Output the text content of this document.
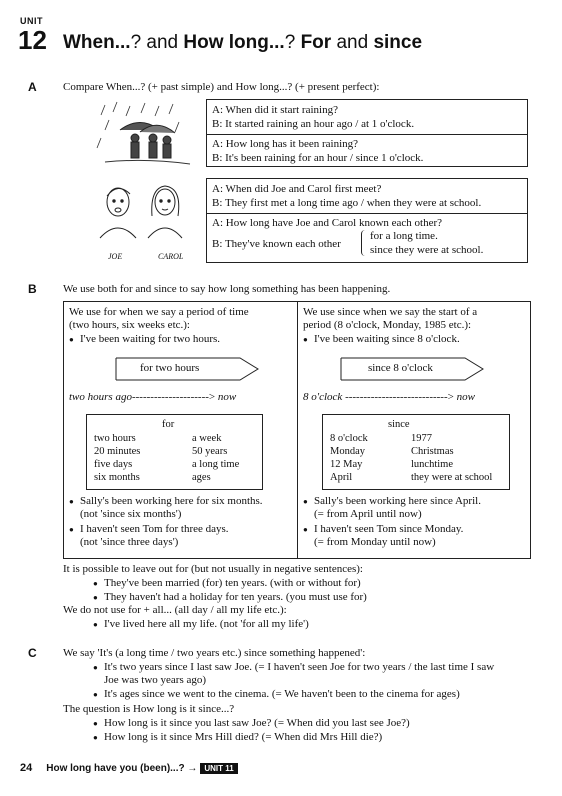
UNIT
12 When...? and How long...? For and since
A Compare When...? (+ past simple) and How long...? (+ present perfect):
A: When did it start raining?
B: It started raining an hour ago / at 1 o'clock.
A: How long has it been raining?
B: It's been raining for an hour / since 1 o'clock.
JOE	CAROL
A: When did Joe and Carol first meet?
B: They first met a long time ago / when they were at school.
A: How long have Joe and Carol known each other?
B: They've known each other
for a long time.
since they were at school.
B We use both for and since to say how long something has been happening.
We use for when we say a period of time
(two hours, six weeks etc.):
● I've been waiting for two hours.
for two hours
two hours ago---------------------> now
for
two hours
20 minutes
five days
six months
a week
50 years
a long time
ages
● Sally's been working here for six months.
(not 'since six months')
● I haven't seen Tom for three days.
(not 'since three days')
We use since when we say the start of a
period (8 o'clock, Monday, 1985 etc.):
● I've been waiting since 8 o'clock.
since 8 o'clock
8 o'clock ----------------------------> now
since
8 o'clock
Monday
12 May
April
1977
Christmas
lunchtime
they were at school
● Sally's been working here since April.
(= from April until now)
● I haven't seen Tom since Monday.
(= from Monday until now)
It is possible to leave out for (but not usually in negative sentences):
● They've been married (for) ten years. (with or without for)
● They haven't had a holiday for ten years. (you must use for)
We do not use for + all... (all day / all my life etc.):
● I've lived here all my life. (not 'for all my life')
C We say 'It's (a long time / two years etc.) since something happened':
● It's two years since I last saw Joe. (= I haven't seen Joe for two years / the last time I saw
Joe was two years ago)
● It's ages since we went to the cinema. (= We haven't been to the cinema for ages)
The question is How long is it since...?
● How long is it since you last saw Joe? (= When did you last see Joe?)
● How long is it since Mrs Hill died? (= When did Mrs Hill die?)
24 How long have you (been)...? → UNIT 11
